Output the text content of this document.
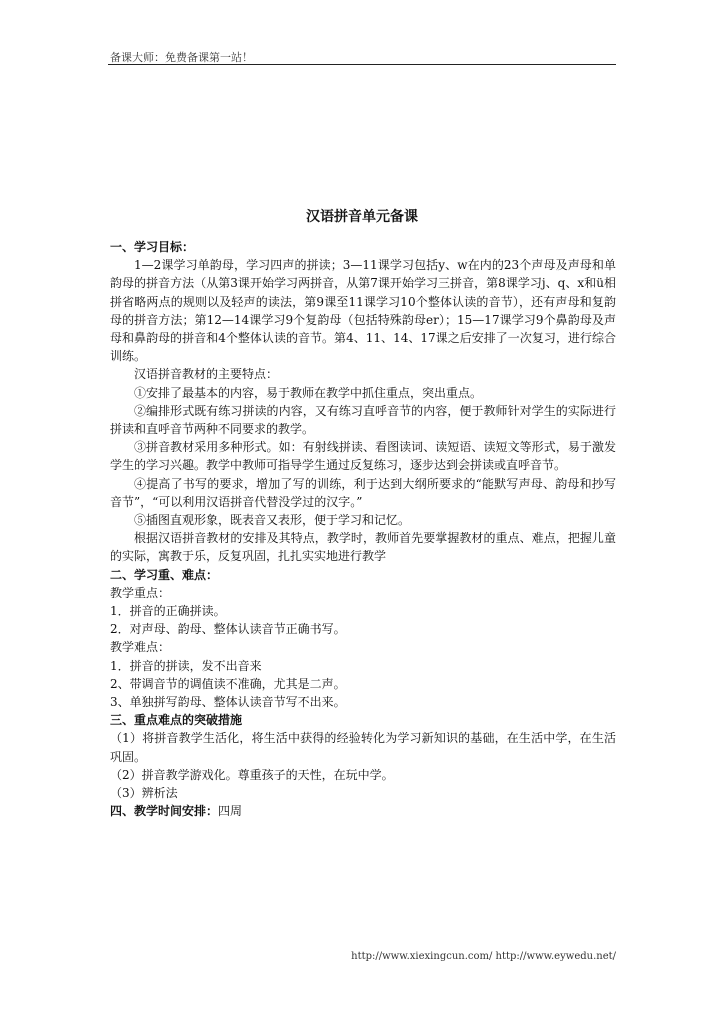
备课大师：免费备课第一站！
汉语拼音单元备课

一、学习目标：

1—2课学习单韵母，学习四声的拼读；3—11课学习包括y、w在内的23个声母及声母和单韵母的拼音方法（从第3课开始学习两拼音，从第7课开始学习三拼音，第8课学习j、q、x和ü相拼省略两点的规则以及轻声的读法，第9课至11课学习10个整体认读的音节），还有声母和复韵母的拼音方法；第12—14课学习9个复韵母（包括特殊韵母er）；15—17课学习9个鼻韵母及声母和鼻韵母的拼音和4个整体认读的音节。第4、11、14、17课之后安排了一次复习，进行综合训练。

汉语拼音教材的主要特点：

①安排了最基本的内容，易于教师在教学中抓住重点，突出重点。

②编排形式既有练习拼读的内容，又有练习直呼音节的内容，便于教师针对学生的实际进行拼读和直呼音节两种不同要求的教学。

③拼音教材采用多种形式。如：有射线拼读、看图读词、读短语、读短文等形式，易于激发学生的学习兴趣。教学中教师可指导学生通过反复练习，逐步达到会拼读或直呼音节。

④提高了书写的要求，增加了写的训练，利于达到大纲所要求的“能默写声母、韵母和抄写音节”，“可以利用汉语拼音代替没学过的汉字。”

⑤插图直观形象，既表音又表形，便于学习和记忆。

根据汉语拼音教材的安排及其特点，教学时，教师首先要掌握教材的重点、难点，把握儿童的实际，寓教于乐，反复巩固，扎扎实实地进行教学

二、学习重、难点：

教学重点：

1．拼音的正确拼读。

2．对声母、韵母、整体认读音节正确书写。

教学难点：

1．拼音的拼读，发不出音来

2、带调音节的调值读不准确，尤其是二声。

3、单独拼写韵母、整体认读音节写不出来。

三、重点难点的突破措施

（1）将拼音教学生活化，将生活中获得的经验转化为学习新知识的基础，在生活中学，在生活巩固。

（2）拼音教学游戏化。尊重孩子的天性，在玩中学。

（3）辨析法

四、教学时间安排：四周

http://www.xiexingcun.com/ http://www.eywedu.net/
